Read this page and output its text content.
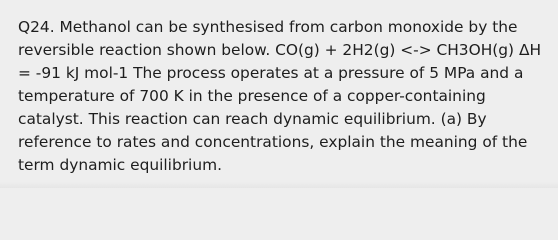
Q24. Methanol can be synthesised from carbon monoxide by the reversible reaction shown below. CO(g) + 2H2(g) <-> CH3OH(g) ΔH = -91 kJ mol-1 The process operates at a pressure of 5 MPa and a temperature of 700 K in the presence of a copper-containing catalyst. This reaction can reach dynamic equilibrium. (a) By reference to rates and concentrations, explain the meaning of the term dynamic equilibrium.
